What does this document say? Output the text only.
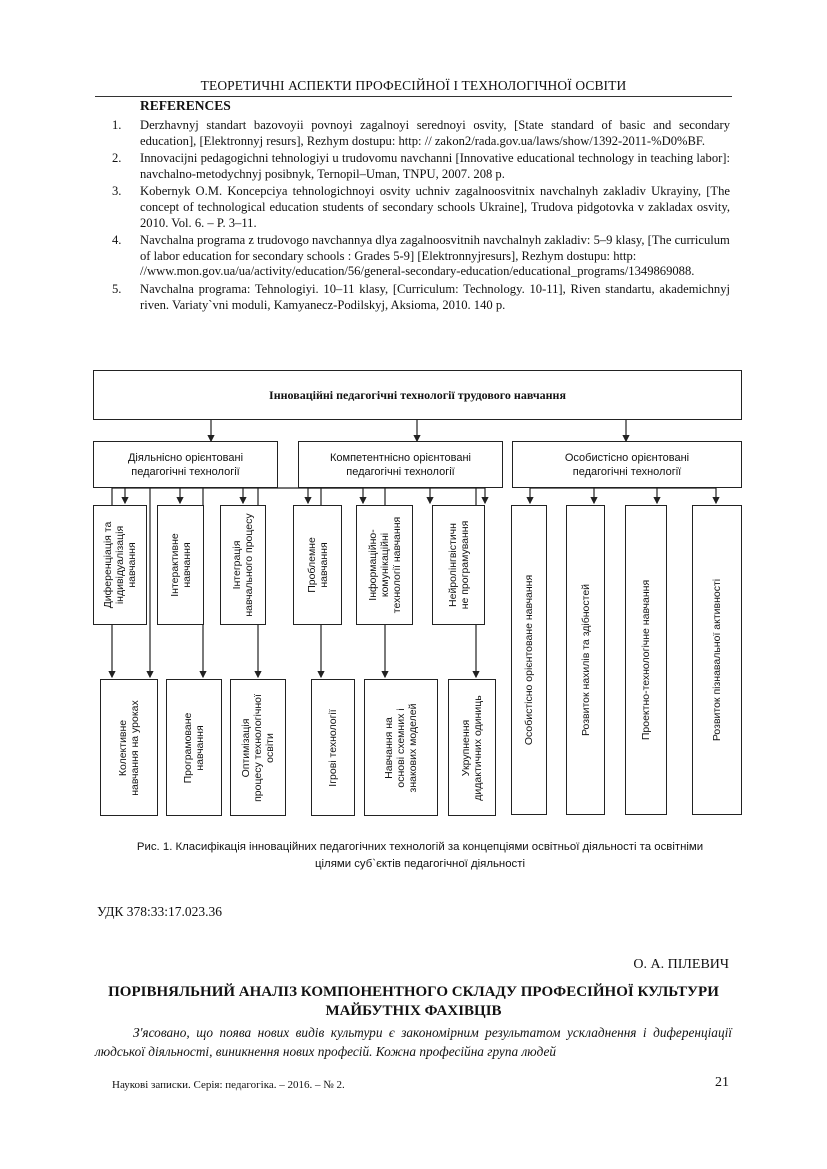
ТЕОРЕТИЧНІ АСПЕКТИ ПРОФЕСІЙНОЇ І ТЕХНОЛОГІЧНОЇ ОСВІТИ
REFERENCES
1.	Derzhavnyj standart bazovoyii povnoyi zagalnoyi serednoyi osvity, [State standard of basic and secondary education], [Elektronnyj resurs], Rezhym dostupu: http: // zakon2/rada.gov.ua/laws/show/1392-2011-%D0%BF.
2.	Innovacijni pedagogichni tehnologiyi u trudovomu navchanni [Innovative educational technology in teaching labor]: navchalno-metodychnyj posibnyk, Ternopil–Uman, TNPU, 2007. 208 p.
3.	Kobernyk O.M. Koncepciya tehnologichnoyi osvity uchniv zagalnoosvitnix navchalnyh zakladiv Ukrayiny, [The concept of technological education students of secondary schools Ukraine], Trudova pidgotovka v zakladax osvity, 2010. Vol. 6. – P. 3–11.
4.	Navchalna programa z trudovogo navchannya dlya zagalnoosvitnih navchalnyh zakladiv: 5–9 klasy, [The curriculum of labor education for secondary schools : Grades 5-9] [Elektronnyjresurs], Rezhym dostupu: http: //www.mon.gov.ua/ua/activity/education/56/general-secondary-education/educational_programs/1349869088.
5.	Navchalna programa: Tehnologiyi. 10–11 klasy, [Curriculum: Technology. 10-11], Riven standartu, akademichnyj riven. Variaty`vni moduli, Kamyanecz-Podilskyj, Aksioma, 2010. 140 p.
Інноваційні педагогічні технології трудового навчання
Діяльнісно орієнтовані
педагогічні технології
Компетентнісно орієнтовані
педагогічні технології
Особистісно орієнтовані
педагогічні технології
Диференціація та
індивідуалізація
навчання	Інтерактивне
навчання	Інтеграція
навчального процесу
Проблемне
навчання	Інформаційно-
комунікаційні
технології навчання	Нейролінгвістичн
не програмування
Особистісно орієнтоване навчання	Розвиток нахилів та здібностей	Проектно-технологічне навчання	Розвиток пізнавальної активності
Колективне
навчання на уроках	Програмоване
навчання	Оптимізація
процесу технологічної
освіти	Ігрові технології	Навчання на
основі схемних і
знакових моделей	Укрупнення
дидактичних одиниць
Рис. 1. Класифікація інноваційних педагогічних технологій за концепціями освітньої діяльності та освітніми
цілями суб`єктів педагогічної діяльності
УДК 378:33:17.023.36
О. А. ПІЛЕВИЧ
ПОРІВНЯЛЬНИЙ АНАЛІЗ КОМПОНЕНТНОГО СКЛАДУ ПРОФЕСІЙНОЇ КУЛЬТУРИ МАЙБУТНІХ ФАХІВЦІВ
З'ясовано, що поява нових видів культури є закономірним результатом ускладнення і диференціації людської діяльності, виникнення нових професій. Кожна професійна група людей
Наукові записки. Серія: педагогіка. – 2016. – № 2.	21
